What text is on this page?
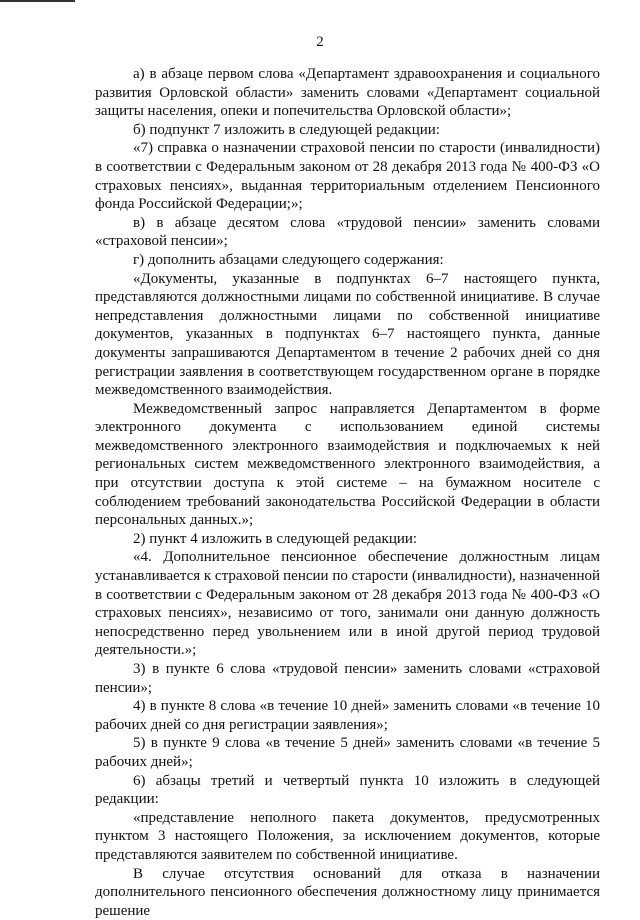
2

а) в абзаце первом слова «Департамент здравоохранения и социального развития Орловской области» заменить словами «Департамент социальной защиты населения, опеки и попечительства Орловской области»;

б) подпункт 7 изложить в следующей редакции:

«7) справка о назначении страховой пенсии по старости (инвалидности) в соответствии с Федеральным законом от 28 декабря 2013 года № 400-ФЗ «О страховых пенсиях», выданная территориальным отделением Пенсионного фонда Российской Федерации;»;

в) в абзаце десятом слова «трудовой пенсии» заменить словами «страховой пенсии»;

г) дополнить абзацами следующего содержания:

«Документы, указанные в подпунктах 6–7 настоящего пункта, представляются должностными лицами по собственной инициативе. В случае непредставления должностными лицами по собственной инициативе документов, указанных в подпунктах 6–7 настоящего пункта, данные документы запрашиваются Департаментом в течение 2 рабочих дней со дня регистрации заявления в соответствующем государственном органе в порядке межведомственного взаимодействия.

Межведомственный запрос направляется Департаментом в форме электронного документа с использованием единой системы межведомственного электронного взаимодействия и подключаемых к ней региональных систем межведомственного электронного взаимодействия, а при отсутствии доступа к этой системе – на бумажном носителе с соблюдением требований законодательства Российской Федерации в области персональных данных.»;

2) пункт 4 изложить в следующей редакции:

«4. Дополнительное пенсионное обеспечение должностным лицам устанавливается к страховой пенсии по старости (инвалидности), назначенной в соответствии с Федеральным законом от 28 декабря 2013 года № 400-ФЗ «О страховых пенсиях», независимо от того, занимали они данную должность непосредственно перед увольнением или в иной другой период трудовой деятельности.»;

3) в пункте 6 слова «трудовой пенсии» заменить словами «страховой пенсии»;

4) в пункте 8 слова «в течение 10 дней» заменить словами «в течение 10 рабочих дней со дня регистрации заявления»;

5) в пункте 9 слова «в течение 5 дней» заменить словами «в течение 5 рабочих дней»;

6) абзацы третий и четвертый пункта 10 изложить в следующей редакции:

«представление неполного пакета документов, предусмотренных пунктом 3 настоящего Положения, за исключением документов, которые представляются заявителем по собственной инициативе.

В случае отсутствия оснований для отказа в назначении дополнительного пенсионного обеспечения должностному лицу принимается решение
